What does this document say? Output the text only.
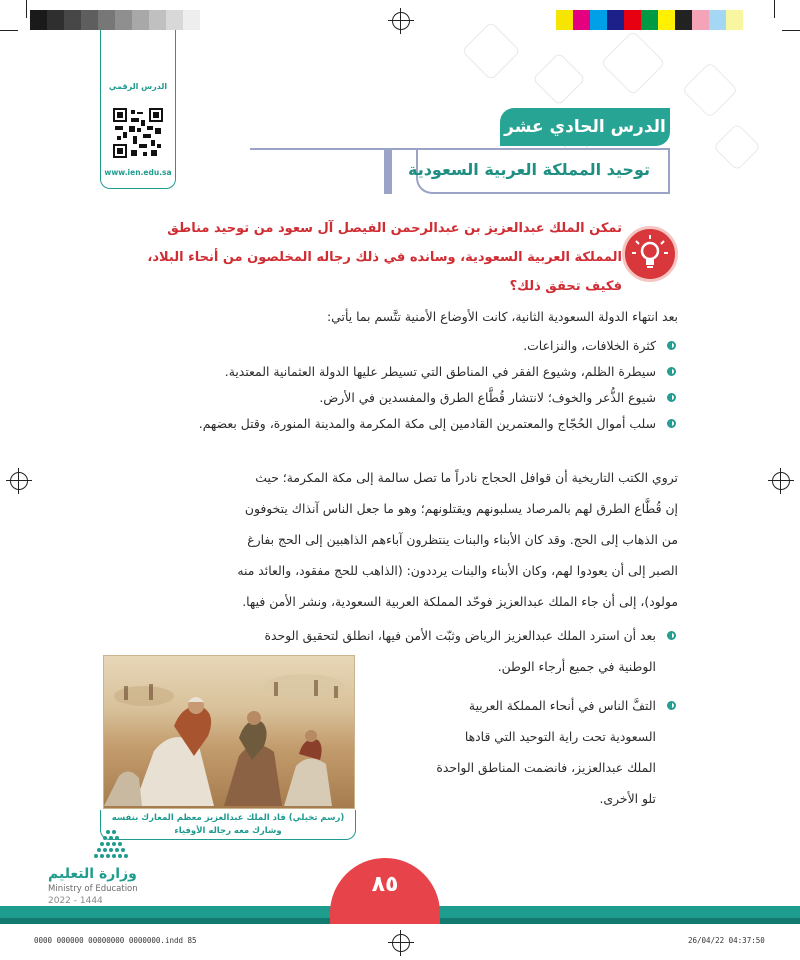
الدرس الرقمي
www.ien.edu.sa
الدرس الحادي عشر
توحيد المملكة العربية السعودية
تمكن الملك عبدالعزيز بن عبدالرحمن الفيصل آل سعود من توحيد مناطق
المملكة العربية السعودية، وسانده في ذلك رجاله المخلصون من أنحاء البلاد،
فكيف تحقق ذلك؟
بعد انتهاء الدولة السعودية الثانية، كانت الأوضاع الأمنية تتَّسم بما يأتي:
كثرة الخلافات، والنزاعات.
سيطرة الظلم، وشيوع الفقر في المناطق التي تسيطر عليها الدولة العثمانية المعتدية.
شيوع الذُّعر والخوف؛ لانتشار قُطَّاع الطرق والمفسدين في الأرض.
سلب أموال الحُجّاج والمعتمرين القادمين إلى مكة المكرمة والمدينة المنورة، وقتل بعضهم.
تروي الكتب التاريخية أن قوافل الحجاج نادراً ما تصل سالمة إلى مكة المكرمة؛ حيث
إن قُطَّاع الطرق لهم بالمرصاد يسلبونهم ويقتلونهم؛ وهو ما جعل الناس آنذاك يتخوفون
من الذهاب إلى الحج. وقد كان الأبناء والبنات ينتظرون آباءهم الذاهبين إلى الحج بفارغ
الصبر إلى أن يعودوا لهم، وكان الأبناء والبنات يرددون: (الذاهب للحج مفقود، والعائد منه
مولود)، إلى أن جاء الملك عبدالعزيز فوحّد المملكة العربية السعودية، ونشر الأمن فيها.
بعد أن استرد الملك عبدالعزيز الرياض وثبّت الأمن فيها، انطلق لتحقيق الوحدة
الوطنية في جميع أرجاء الوطن.
التفَّ الناس في أنحاء المملكة العربية
السعودية تحت راية التوحيد التي قادها
الملك عبدالعزيز، فانضمت المناطق الواحدة
تلو الأخرى.
(رسم تخيلي) قاد الملك عبدالعزيز معظم المعارك بنفسه
وشارك معه رجاله الأوفياء
وزارة التعليم
Ministry of Education
2022 - 1444
٨٥
0000 000000 00000000 0000000.indd 85	26/04/22 04:37:50
